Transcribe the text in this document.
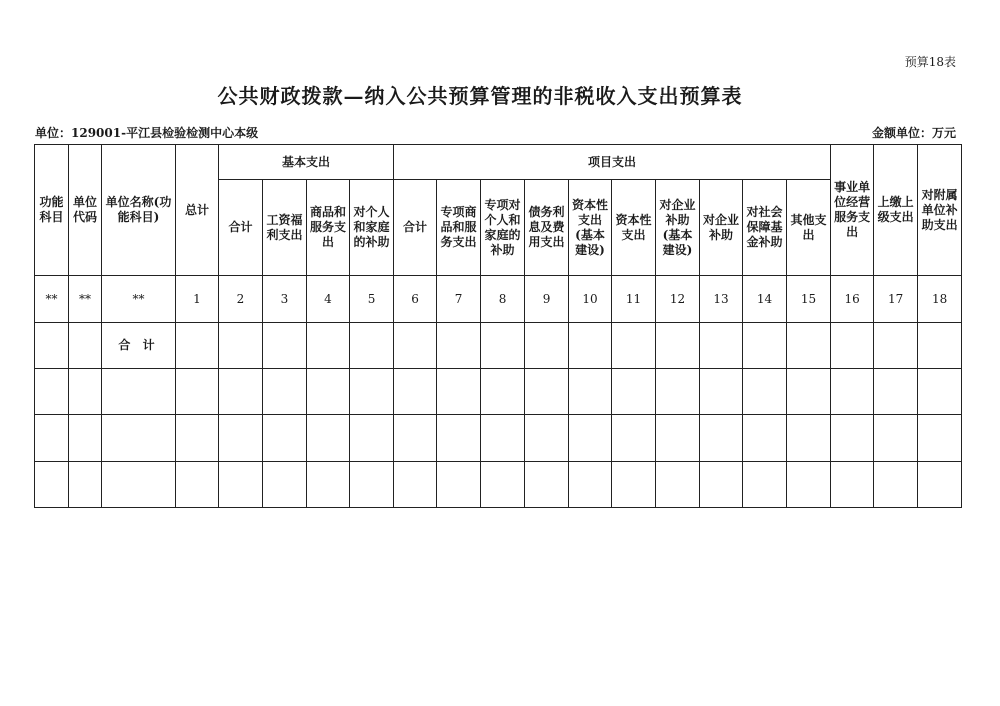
预算18表
公共财政拨款—纳入公共预算管理的非税收入支出预算表
单位：129001-平江县检验检测中心本级	金额单位：万元
功能科目	单位代码	单位名称(功能科目)	总计	基本支出				项目支出										事业单位经营服务支出	上缴上级支出	对附属单位补助支出
				合计	工资福利支出	商品和服务支出	对个人和家庭的补助	合计	专项商品和服务支出	专项对个人和家庭的补助	债务利息及费用支出	资本性支出(基本建设)	资本性支出	对企业补助(基本建设)	对企业补助	对社会保障基金补助	其他支出			
**	**	**	1	2	3	4	5	6	7	8	9	10	11	12	13	14	15	16	17	18
		合 计																		
